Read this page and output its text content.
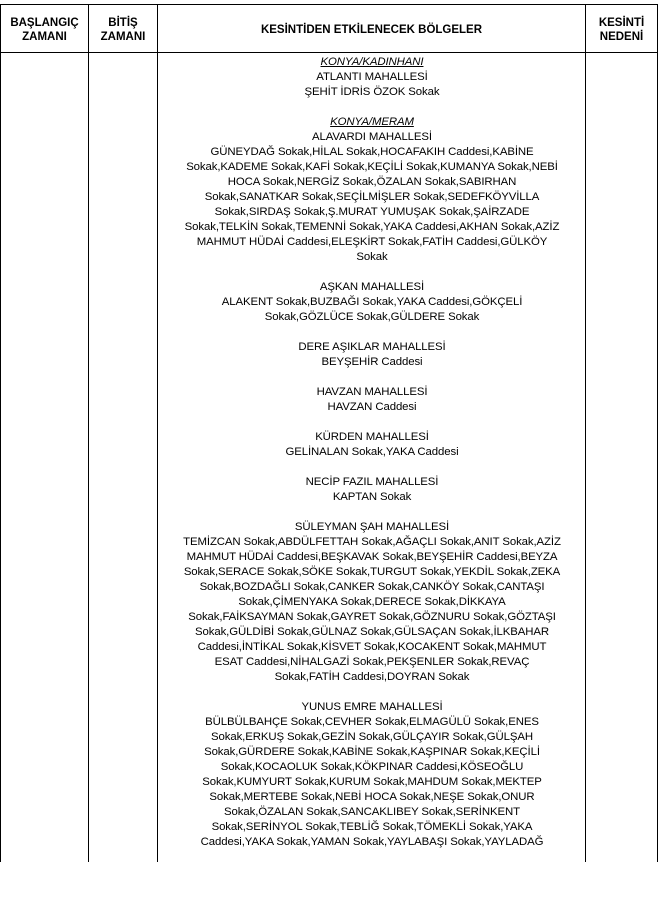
BAŞLANGIÇ
ZAMANI
BİTİŞ
ZAMANI
KESİNTİDEN ETKİLENECEK BÖLGELER
KESİNTİ
NEDENİ
KONYA/KADINHANI
ATLANTI MAHALLESİ
ŞEHİT İDRİS ÖZOK Sokak
KONYA/MERAM
ALAVARDI MAHALLESİ
GÜNEYDAĞ Sokak,HİLAL Sokak,HOCAFAKIH Caddesi,KABİNE
Sokak,KADEME Sokak,KAFİ Sokak,KEÇİLİ Sokak,KUMANYA Sokak,NEBİ
HOCA Sokak,NERGİZ Sokak,ÖZALAN Sokak,SABIRHAN
Sokak,SANATKAR Sokak,SEÇİLMİŞLER Sokak,SEDEFKÖYVİLLA
Sokak,SIRDAŞ Sokak,Ş.MURAT YUMUŞAK Sokak,ŞAİRZADE
Sokak,TELKİN Sokak,TEMENNİ Sokak,YAKA Caddesi,AKHAN Sokak,AZİZ
MAHMUT HÜDAİ Caddesi,ELEŞKİRT Sokak,FATİH Caddesi,GÜLKÖY
Sokak
AŞKAN MAHALLESİ
ALAKENT Sokak,BUZBAĞI Sokak,YAKA Caddesi,GÖKÇELİ
Sokak,GÖZLÜCE Sokak,GÜLDERE Sokak
DERE AŞIKLAR MAHALLESİ
BEYŞEHİR Caddesi
HAVZAN MAHALLESİ
HAVZAN Caddesi
KÜRDEN MAHALLESİ
GELİNALAN Sokak,YAKA Caddesi
NECİP FAZIL MAHALLESİ
KAPTAN Sokak
SÜLEYMAN ŞAH MAHALLESİ
TEMİZCAN Sokak,ABDÜLFETTAH Sokak,AĞAÇLI Sokak,ANIT Sokak,AZİZ
MAHMUT HÜDAİ Caddesi,BEŞKAVAK Sokak,BEYŞEHİR Caddesi,BEYZA
Sokak,SERACE Sokak,SÖKE Sokak,TURGUT Sokak,YEKDİL Sokak,ZEKA
Sokak,BOZDAĞLI Sokak,CANKER Sokak,CANKÖY Sokak,CANTAŞI
Sokak,ÇİMENYAKA Sokak,DERECE Sokak,DİKKAYA
Sokak,FAİKSAYMAN Sokak,GAYRET Sokak,GÖZNURU Sokak,GÖZTAŞI
Sokak,GÜLDİBİ Sokak,GÜLNAZ Sokak,GÜLSAÇAN Sokak,İLKBAHAR
Caddesi,İNTİKAL Sokak,KİSVET Sokak,KOCAKENT Sokak,MAHMUT
ESAT Caddesi,NİHALGAZİ Sokak,PEKŞENLER Sokak,REVAÇ
Sokak,FATİH Caddesi,DOYRAN Sokak
YUNUS EMRE MAHALLESİ
BÜLBÜLBAHÇE Sokak,CEVHER Sokak,ELMAGÜLÜ Sokak,ENES
Sokak,ERKUŞ Sokak,GEZİN Sokak,GÜLÇAYIR Sokak,GÜLŞAH
Sokak,GÜRDERE Sokak,KABİNE Sokak,KAŞPINAR Sokak,KEÇİLİ
Sokak,KOCAOLUK Sokak,KÖKPINAR Caddesi,KÖSEOĞLU
Sokak,KUMYURT Sokak,KURUM Sokak,MAHDUM Sokak,MEKTEP
Sokak,MERTEBE Sokak,NEBİ HOCA Sokak,NEŞE Sokak,ONUR
Sokak,ÖZALAN Sokak,SANCAKLIBEY Sokak,SERİNKENT
Sokak,SERİNYOL Sokak,TEBLİĞ Sokak,TÖMEKLİ Sokak,YAKA
Caddesi,YAKA Sokak,YAMAN Sokak,YAYLABAŞI Sokak,YAYLADAĞ
